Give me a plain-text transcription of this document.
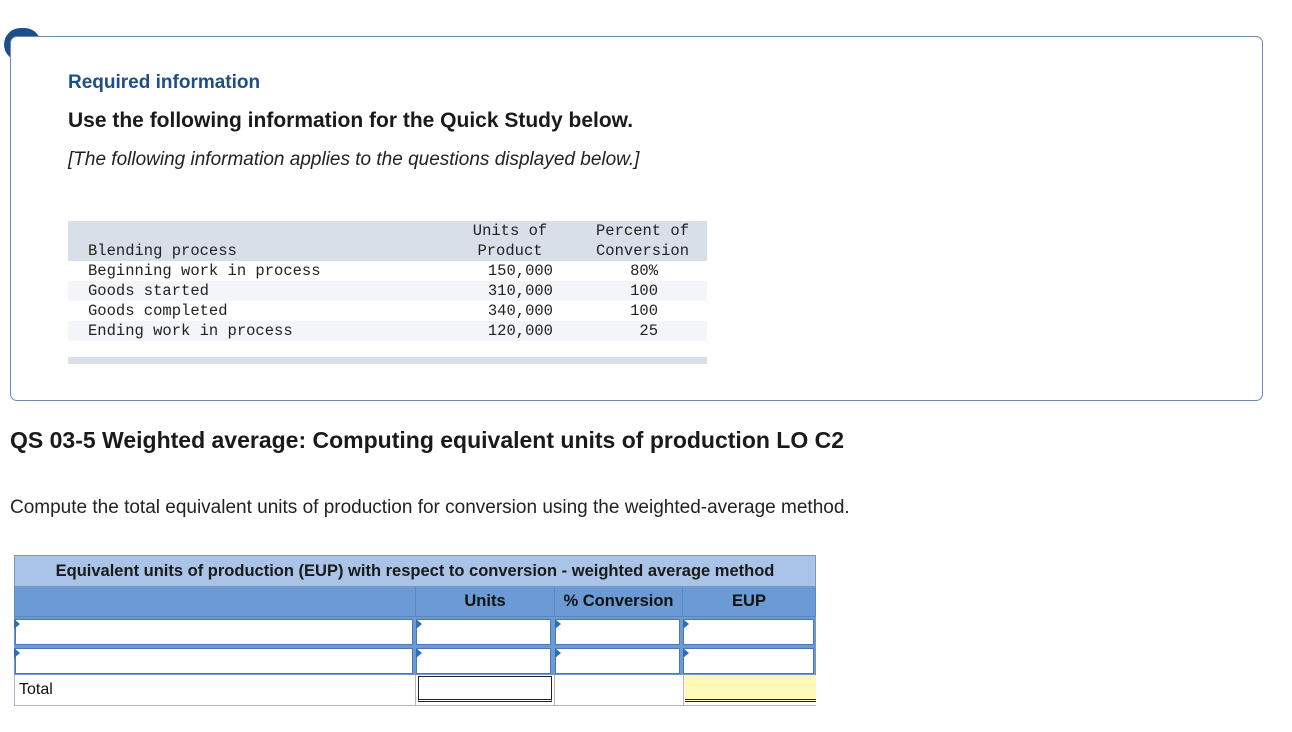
Required information
Use the following information for the Quick Study below.
[The following information applies to the questions displayed below.]
Units of	Percent of
Blending process	Product	Conversion
Beginning work in process	150,000	80%
Goods started	310,000	100
Goods completed	340,000	100
Ending work in process	120,000	25
QS 03-5 Weighted average: Computing equivalent units of production LO C2
Compute the total equivalent units of production for conversion using the weighted-average method.
Equivalent units of production (EUP) with respect to conversion - weighted average method
Units	% Conversion	EUP
Total
